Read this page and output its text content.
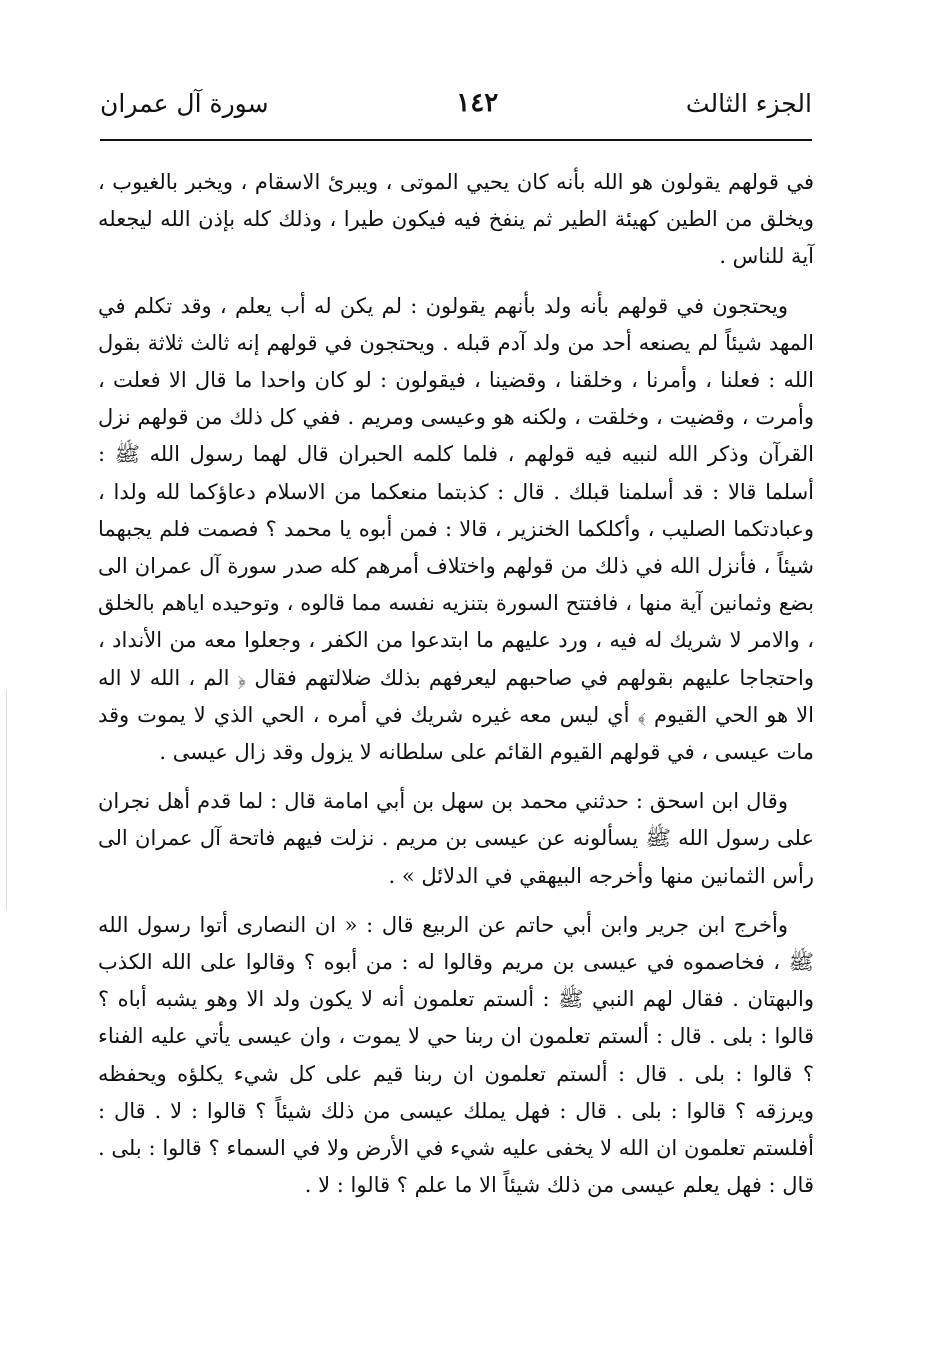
الجزء الثالث
١٤٢
سورة آل عمران

في قولهم يقولون هو الله بأنه كان يحيي الموتى ، ويبرئ الاسقام ، ويخبر بالغيوب ، ويخلق من الطين كهيئة الطير ثم ينفخ فيه فيكون طيرا ، وذلك كله بإذن الله ليجعله آية للناس .

ويحتجون في قولهم بأنه ولد بأنهم يقولون : لم يكن له أب يعلم ، وقد تكلم في المهد شيئاً لم يصنعه أحد من ولد آدم قبله . ويحتجون في قولهم إنه ثالث ثلاثة بقول الله : فعلنا ، وأمرنا ، وخلقنا ، وقضينا ، فيقولون : لو كان واحدا ما قال الا فعلت ، وأمرت ، وقضيت ، وخلقت ، ولكنه هو وعيسى ومريم . ففي كل ذلك من قولهم نزل القرآن وذكر الله لنبيه فيه قولهم ، فلما كلمه الحبران قال لهما رسول الله ﷺ : أسلما قالا : قد أسلمنا قبلك . قال : كذبتما منعكما من الاسلام دعاؤكما لله ولدا ، وعبادتكما الصليب ، وأكلكما الخنزير ، قالا : فمن أبوه يا محمد ؟ فصمت فلم يجبهما شيئاً ، فأنزل الله في ذلك من قولهم واختلاف أمرهم كله صدر سورة آل عمران الى بضع وثمانين آية منها ، فافتتح السورة بتنزيه نفسه مما قالوه ، وتوحيده اياهم بالخلق ، والامر لا شريك له فيه ، ورد عليهم ما ابتدعوا من الكفر ، وجعلوا معه من الأنداد ، واحتجاجا عليهم بقولهم في صاحبهم ليعرفهم بذلك ضلالتهم فقال ﴿ الم ، الله لا اله الا هو الحي القيوم ﴾ أي ليس معه غيره شريك في أمره ، الحي الذي لا يموت وقد مات عيسى ، في قولهم القيوم القائم على سلطانه لا يزول وقد زال عيسى .

وقال ابن اسحق : حدثني محمد بن سهل بن أبي امامة قال : لما قدم أهل نجران على رسول الله ﷺ يسألونه عن عيسى بن مريم . نزلت فيهم فاتحة آل عمران الى رأس الثمانين منها وأخرجه البيهقي في الدلائل » .

وأخرج ابن جرير وابن أبي حاتم عن الربيع قال : « ان النصارى أتوا رسول الله ﷺ ، فخاصموه في عيسى بن مريم وقالوا له : من أبوه ؟ وقالوا على الله الكذب والبهتان . فقال لهم النبي ﷺ : ألستم تعلمون أنه لا يكون ولد الا وهو يشبه أباه ؟ قالوا : بلى . قال : ألستم تعلمون ان ربنا حي لا يموت ، وان عيسى يأتي عليه الفناء ؟ قالوا : بلى . قال : ألستم تعلمون ان ربنا قيم على كل شيء يكلؤه ويحفظه ويرزقه ؟ قالوا : بلى . قال : فهل يملك عيسى من ذلك شيئاً ؟ قالوا : لا . قال : أفلستم تعلمون ان الله لا يخفى عليه شيء في الأرض ولا في السماء ؟ قالوا : بلى . قال : فهل يعلم عيسى من ذلك شيئاً الا ما علم ؟ قالوا : لا .
